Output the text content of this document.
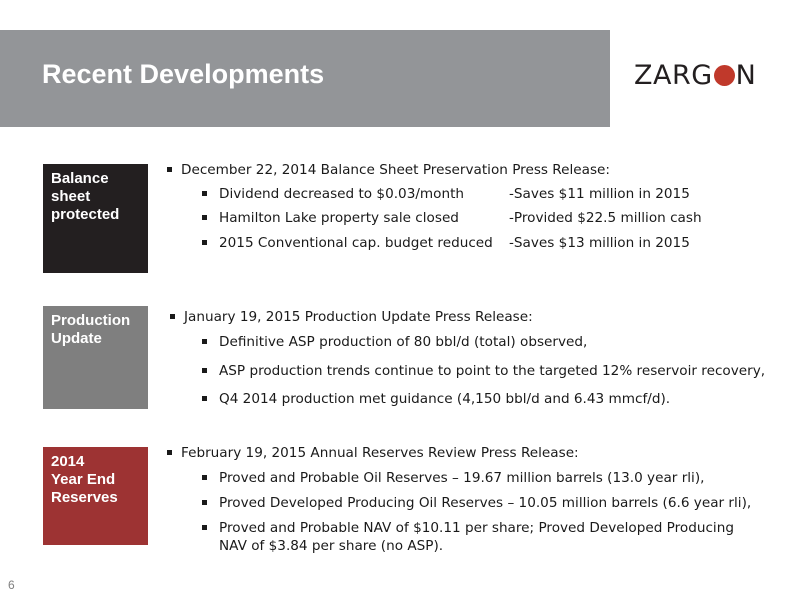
Recent Developments	ZARG N
Balance
sheet
protected
December 22, 2014 Balance Sheet Preservation Press Release:
Dividend decreased to $0.03/month	-Saves $11 million in 2015
Hamilton Lake property sale closed	-Provided $22.5 million cash
2015 Conventional cap. budget reduced -Saves $13 million in 2015
Production
Update
January 19, 2015 Production Update Press Release:
Definitive ASP production of 80 bbl/d (total) observed,
ASP production trends continue to point to the targeted 12% reservoir recovery,
Q4 2014 production met guidance (4,150 bbl/d and 6.43 mmcf/d).
2014
Year End
Reserves
February 19, 2015 Annual Reserves Review Press Release:
Proved and Probable Oil Reserves – 19.67 million barrels (13.0 year rli),
Proved Developed Producing Oil Reserves – 10.05 million barrels (6.6 year rli),
Proved and Probable NAV of $10.11 per share; Proved Developed Producing
NAV of $3.84 per share (no ASP).
6
